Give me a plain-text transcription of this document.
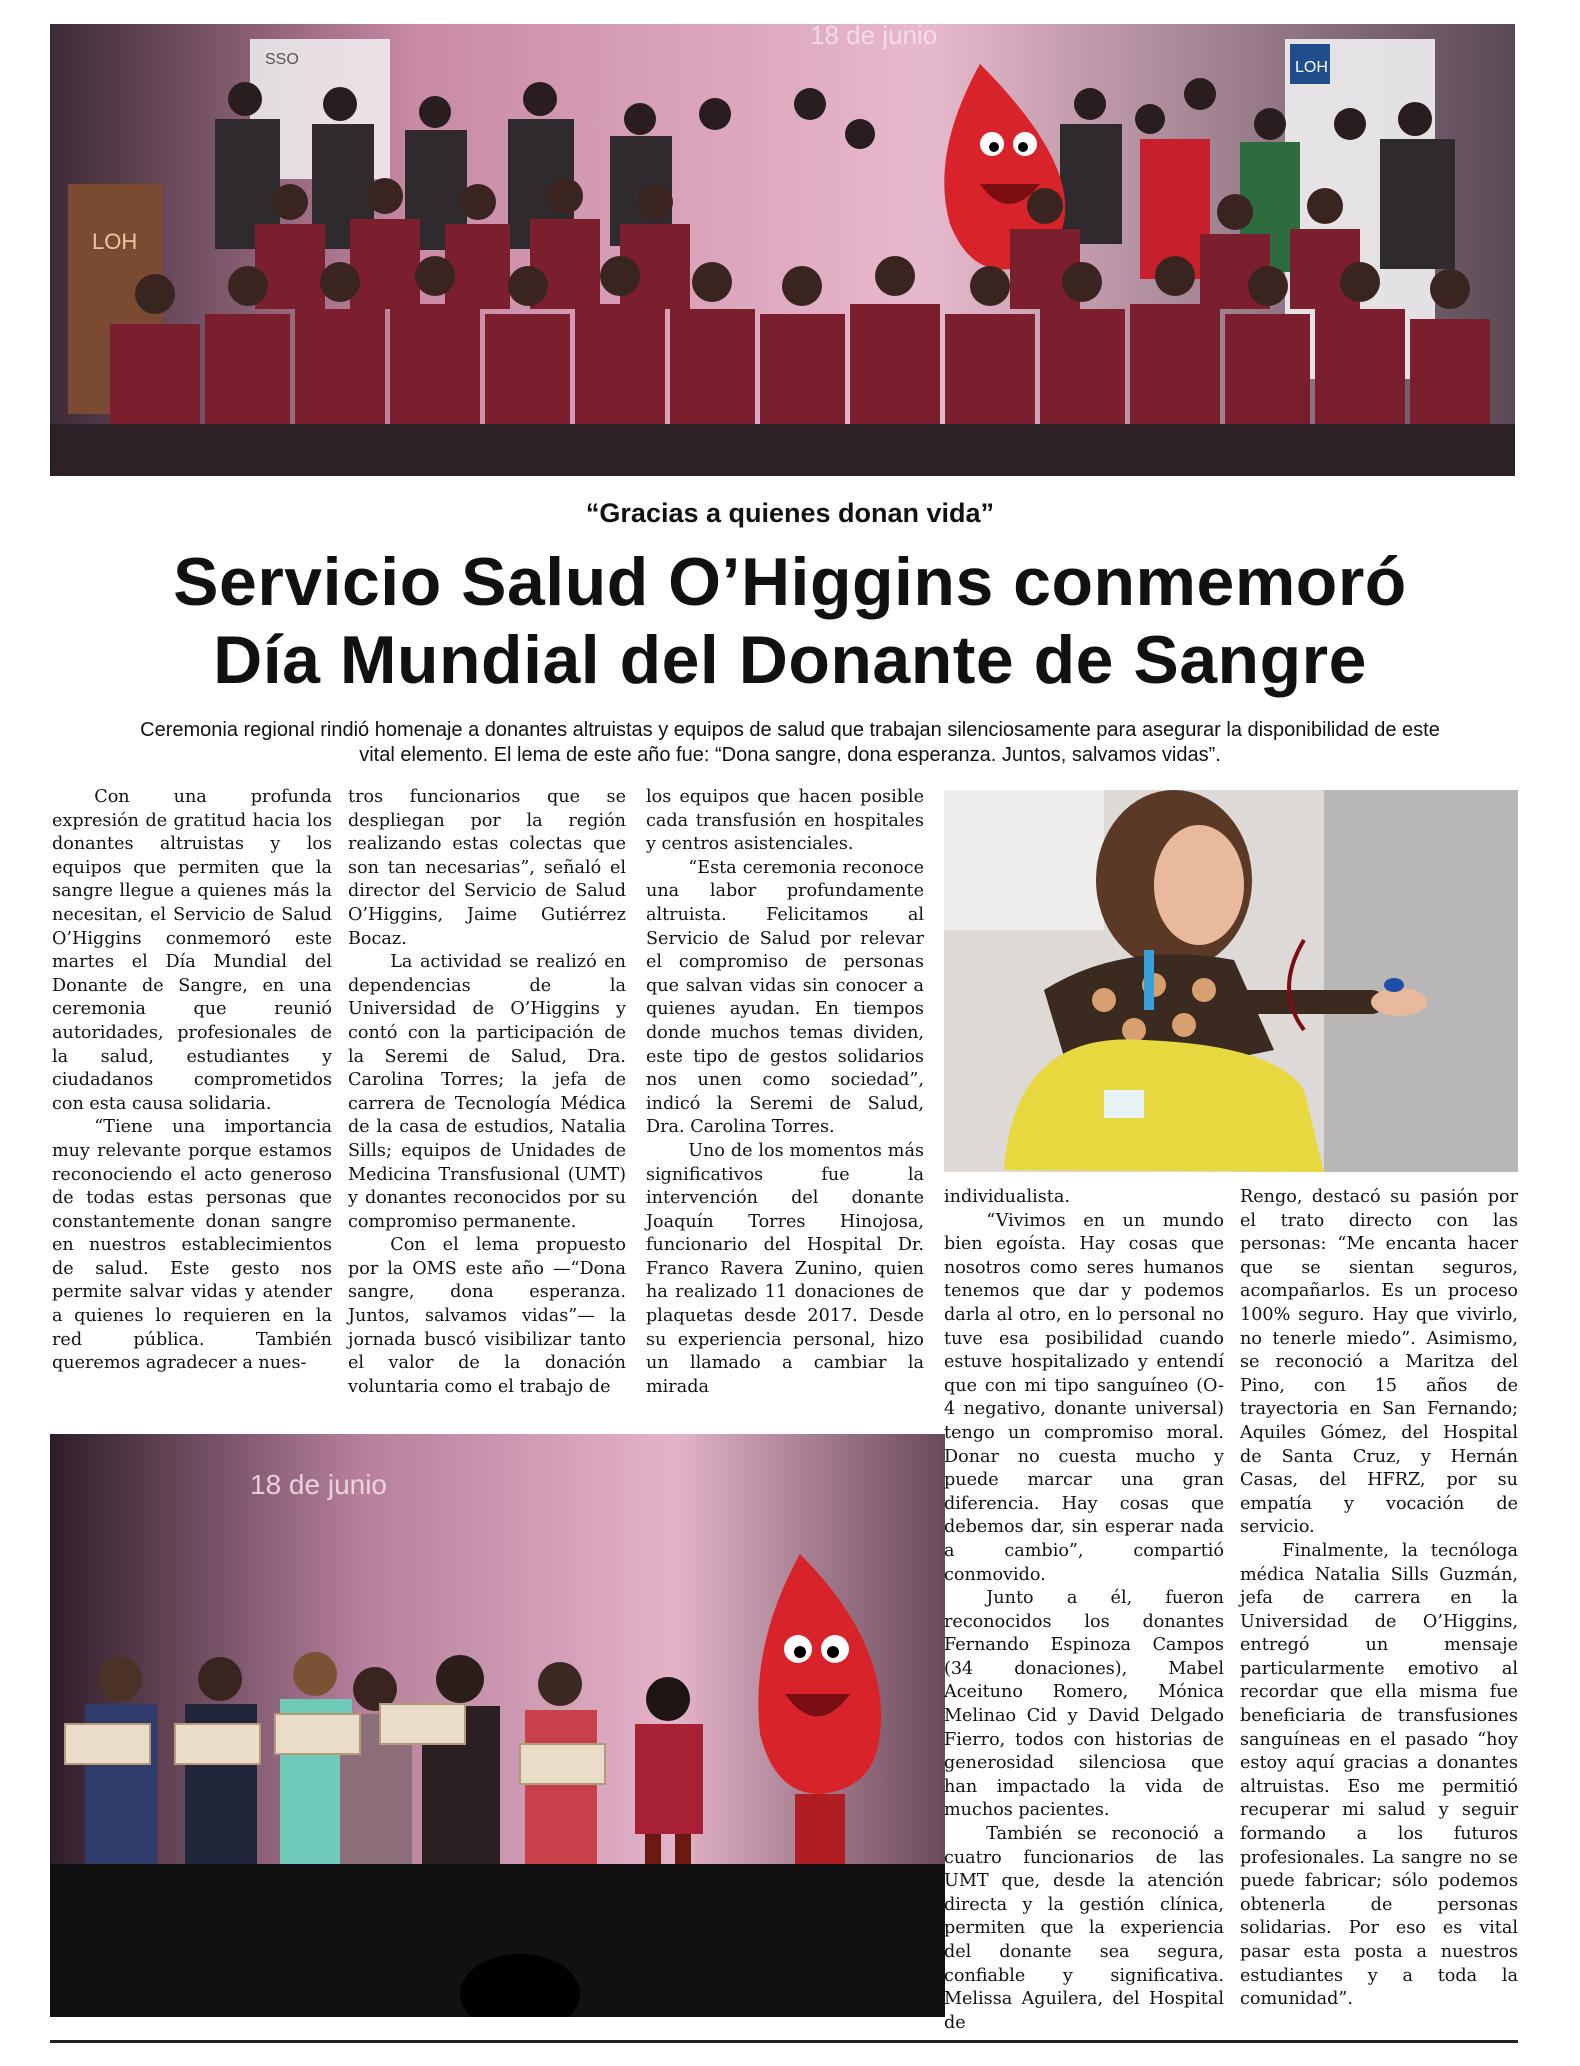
18 de junio
SSO	LOH
LOH
“Gracias a quienes donan vida”
Servicio Salud O’Higgins conmemoró
Día Mundial del Donante de Sangre
Ceremonia regional rindió homenaje a donantes altruistas y equipos de salud que trabajan silenciosamente para asegurar la disponibilidad de este vital elemento. El lema de este año fue: “Dona sangre, dona esperanza. Juntos, salvamos vidas”.

Con una profunda expresión de gratitud hacia los donantes altruistas y los equipos que permiten que la sangre llegue a quienes más la necesitan, el Servicio de Salud O’Higgins conmemoró este martes el Día Mundial del Donante de Sangre, en una ceremonia que reunió autoridades, profesionales de la salud, estudiantes y ciudadanos comprometidos con esta causa solidaria.

“Tiene una importancia muy relevante porque estamos reconociendo el acto generoso de todas estas personas que constantemente donan sangre en nuestros establecimientos de salud. Este gesto nos permite salvar vidas y atender a quienes lo requieren en la red pública. También queremos agradecer a nues-

tros funcionarios que se despliegan por la región realizando estas colectas que son tan necesarias”, señaló el director del Servicio de Salud O’Higgins, Jaime Gutiérrez Bocaz.

La actividad se realizó en dependencias de la Universidad de O’Higgins y contó con la participación de la Seremi de Salud, Dra. Carolina Torres; la jefa de carrera de Tecnología Médica de la casa de estudios, Natalia Sills; equipos de Unidades de Medicina Transfusional (UMT) y donantes reconocidos por su compromiso permanente.

Con el lema propuesto por la OMS este año —“Dona sangre, dona esperanza. Juntos, salvamos vidas”— la jornada buscó visibilizar tanto el valor de la donación voluntaria como el trabajo de

los equipos que hacen posible cada transfusión en hospitales y centros asistenciales.

“Esta ceremonia reconoce una labor profundamente altruista. Felicitamos al Servicio de Salud por relevar el compromiso de personas que salvan vidas sin conocer a quienes ayudan. En tiempos donde muchos temas dividen, este tipo de gestos solidarios nos unen como sociedad”, indicó la Seremi de Salud, Dra. Carolina Torres.

Uno de los momentos más significativos fue la intervención del donante Joaquín Torres Hinojosa, funcionario del Hospital Dr. Franco Ravera Zunino, quien ha realizado 11 donaciones de plaquetas desde 2017. Desde su experiencia personal, hizo un llamado a cambiar la mirada

18 de junio

individualista.

“Vivimos en un mundo bien egoísta. Hay cosas que nosotros como seres humanos tenemos que dar y podemos darla al otro, en lo personal no tuve esa posibilidad cuando estuve hospitalizado y entendí que con mi tipo sanguíneo (O-4 negativo, donante universal) tengo un compromiso moral. Donar no cuesta mucho y puede marcar una gran diferencia. Hay cosas que debemos dar, sin esperar nada a cambio”, compartió conmovido.

Junto a él, fueron reconocidos los donantes Fernando Espinoza Campos (34 donaciones), Mabel Aceituno Romero, Mónica Melinao Cid y David Delgado Fierro, todos con historias de generosidad silenciosa que han impactado la vida de muchos pacientes.

También se reconoció a cuatro funcionarios de las UMT que, desde la atención directa y la gestión clínica, permiten que la experiencia del donante sea segura, confiable y significativa. Melissa Aguilera, del Hospital de

Rengo, destacó su pasión por el trato directo con las personas: “Me encanta hacer que se sientan seguros, acompañarlos. Es un proceso 100% seguro. Hay que vivirlo, no tenerle miedo”. Asimismo, se reconoció a Maritza del Pino, con 15 años de trayectoria en San Fernando; Aquiles Gómez, del Hospital de Santa Cruz, y Hernán Casas, del HFRZ, por su empatía y vocación de servicio.

Finalmente, la tecnóloga médica Natalia Sills Guzmán, jefa de carrera en la Universidad de O’Higgins, entregó un mensaje particularmente emotivo al recordar que ella misma fue beneficiaria de transfusiones sanguíneas en el pasado “hoy estoy aquí gracias a donantes altruistas. Eso me permitió recuperar mi salud y seguir formando a los futuros profesionales. La sangre no se puede fabricar; sólo podemos obtenerla de personas solidarias. Por eso es vital pasar esta posta a nuestros estudiantes y a toda la comunidad”.
